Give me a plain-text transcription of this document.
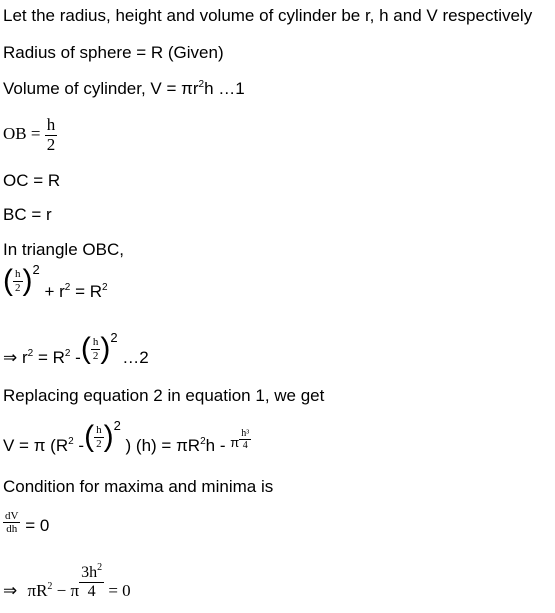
Let the radius, height and volume of cylinder be r, h and V respectively
Radius of sphere = R (Given)
Volume of cylinder, $V = \pi r^2h$ …1
OB = $\frac{h}{2}$
OC = R
BC = r
In triangle OBC,
( $\frac{h}{2} )2 + r^2 = R^2$
⇒ $r^2 = R^2$ -( $\frac{h}{2} )2$ …2
Replacing equation 2 in equation 1, we get
V = π ($R^2$ -( $\frac{h}{2} )2$ ) $(h) = \pi R^2h - _\pi \frac{\text{h³}}{4}$
Condition for maxima and minima is
$\frac{dV}{dh} = 0$
⇒ $\pi R^2 - \pi \frac{3h^2}{4} = 0$
